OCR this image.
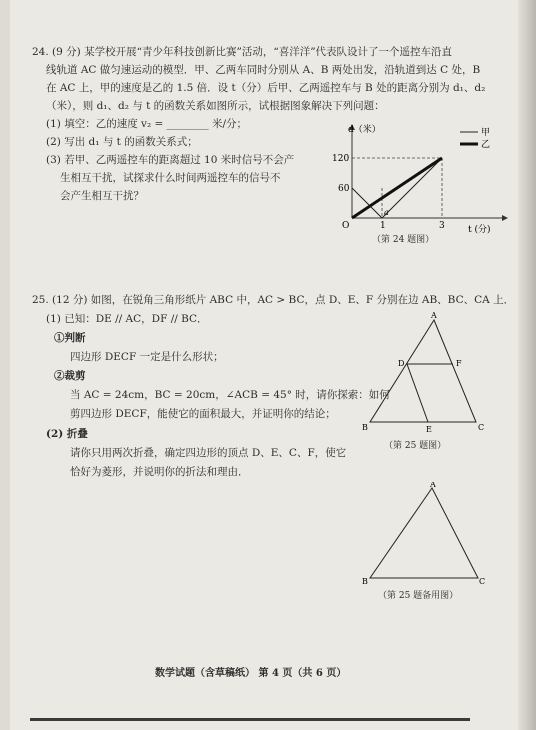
24. (9 分) 某学校开展“青少年科技创新比赛”活动，“喜洋洋”代表队设计了一个遥控车沿直
线轨道 AC 做匀速运动的模型．甲、乙两车同时分别从 A、B 两处出发，沿轨道到达 C 处，B
在 AC 上，甲的速度是乙的 1.5 倍．设 t（分）后甲、乙两遥控车与 B 处的距离分别为 d₁、d₂
（米），则 d₁、d₂ 与 t 的函数关系如图所示，试根据图象解决下列问题：
(1) 填空：乙的速度 v₂ = ________ 米/分；
(2) 写出 d₁ 与 t 的函数关系式；
(3) 若甲、乙两遥控车的距离超过 10 米时信号不会产
生相互干扰，试探求什么时间两遥控车的信号不
会产生相互干扰？
甲
乙
d（米）
120
60
O	1
a
3	t (分)
（第 24 题图）
25. (12 分) 如图，在锐角三角形纸片 ABC 中，AC > BC，点 D、E、F 分别在边 AB、BC、CA 上．
(1) 已知：DE // AC，DF // BC．
①判断
四边形 DECF 一定是什么形状；
②裁剪
当 AC = 24cm，BC = 20cm，∠ACB = 45° 时，请你探索：如何
剪四边形 DECF，能使它的面积最大，并证明你的结论；
(2) 折叠
请你只用两次折叠，确定四边形的顶点 D、E、C、F，使它
恰好为菱形，并说明你的折法和理由．
A
B	C
D
E
F
（第 25 题图）
A
B	C
（第 25 题备用图）
数学试题（含草稿纸） 第 4 页（共 6 页）
